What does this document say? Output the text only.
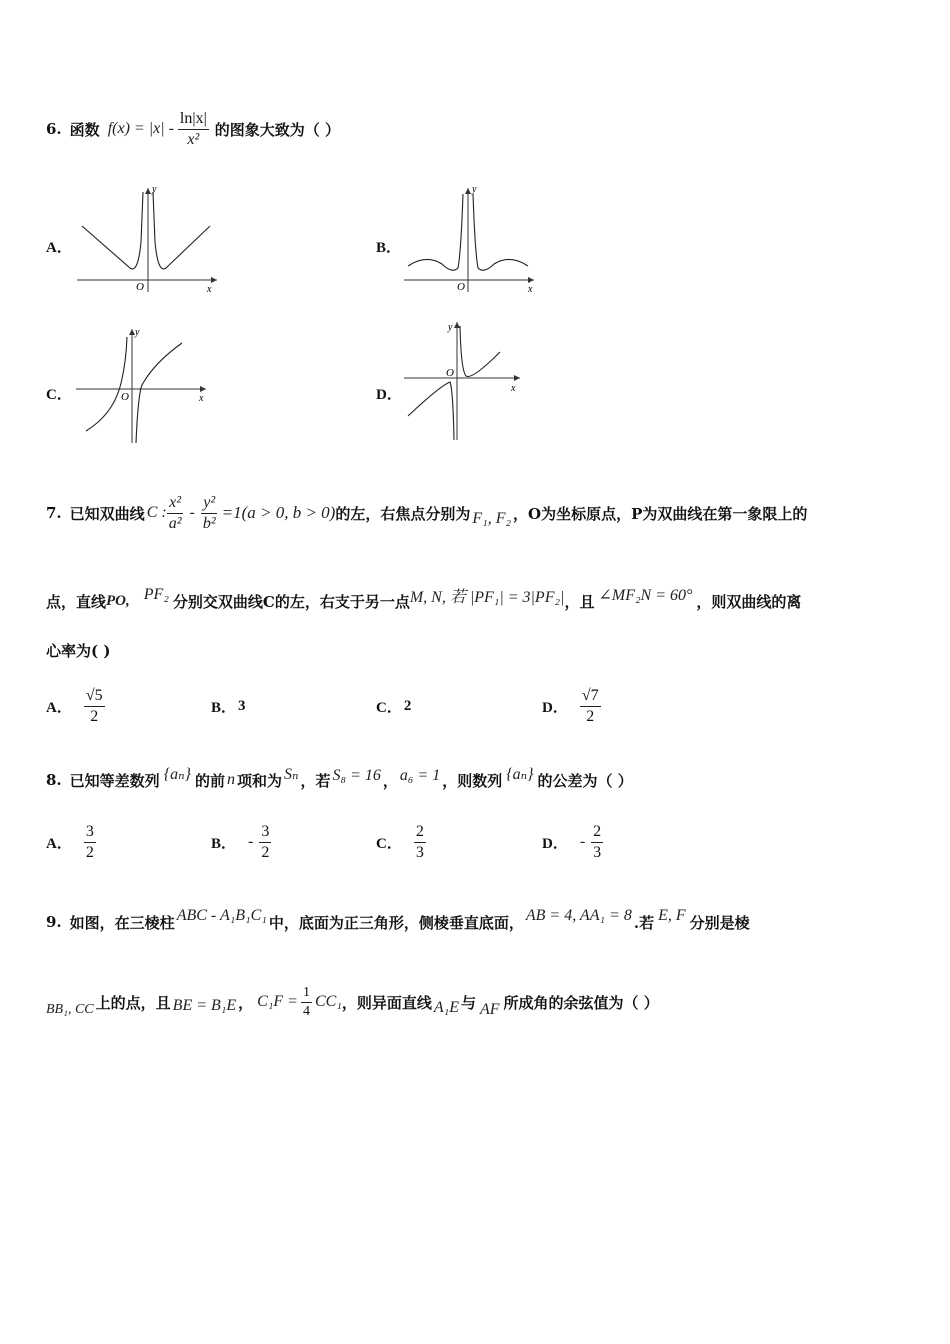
6. 函数 $f(x) = |x| - \frac{\ln|x|}{\text{x²}}$ 的图象大致为（ ）
A．
y
x
O
B．
y
x
O
C．
y
x
O	D．
y
x
O
7. 已知双曲线 C : $\frac{\text{x²}}{\text{a²}} - \frac{\text{y²}}{\text{b²}} =1(a > 0$, b > 0) 的左，右焦点分别为 F₁, F₂ ，O为坐标原点，P为双曲线在第一象限上的
点，直线 PO, PF₂ 分别交双曲线C的左，右支于另一点 M, N, 若 |PF₁| = 3|PF₂| ，且 ∠MF₂N = 60° ，则双曲线的离
心率为( )
A． $\frac{√5}{2}$	B． 3	C． 2	D． $\frac{√7}{2}$
8. 已知等差数列 {aₙ} 的前 n 项和为 Sₙ ，若 S₈ = 16 ， a₆ = 1 ，则数列 {aₙ} 的公差为（ ）
A． $\frac{3}{2}$	B． - $\frac{3}{2}$	C． $\frac{2}{3}$	D． - $\frac{2}{3}$
9. 如图，在三棱柱 ABC - A₁B₁C₁ 中，底面为正三角形，侧棱垂直底面， AB = 4, AA₁ = 8 .若 E, F 分别是棱
BB₁, CC 上的点，且 BE = B₁E ， $C_1F = \frac{1}{4} CC_1$ ，则异面直线 A₁E 与 AF 所成角的余弦值为（ ）
